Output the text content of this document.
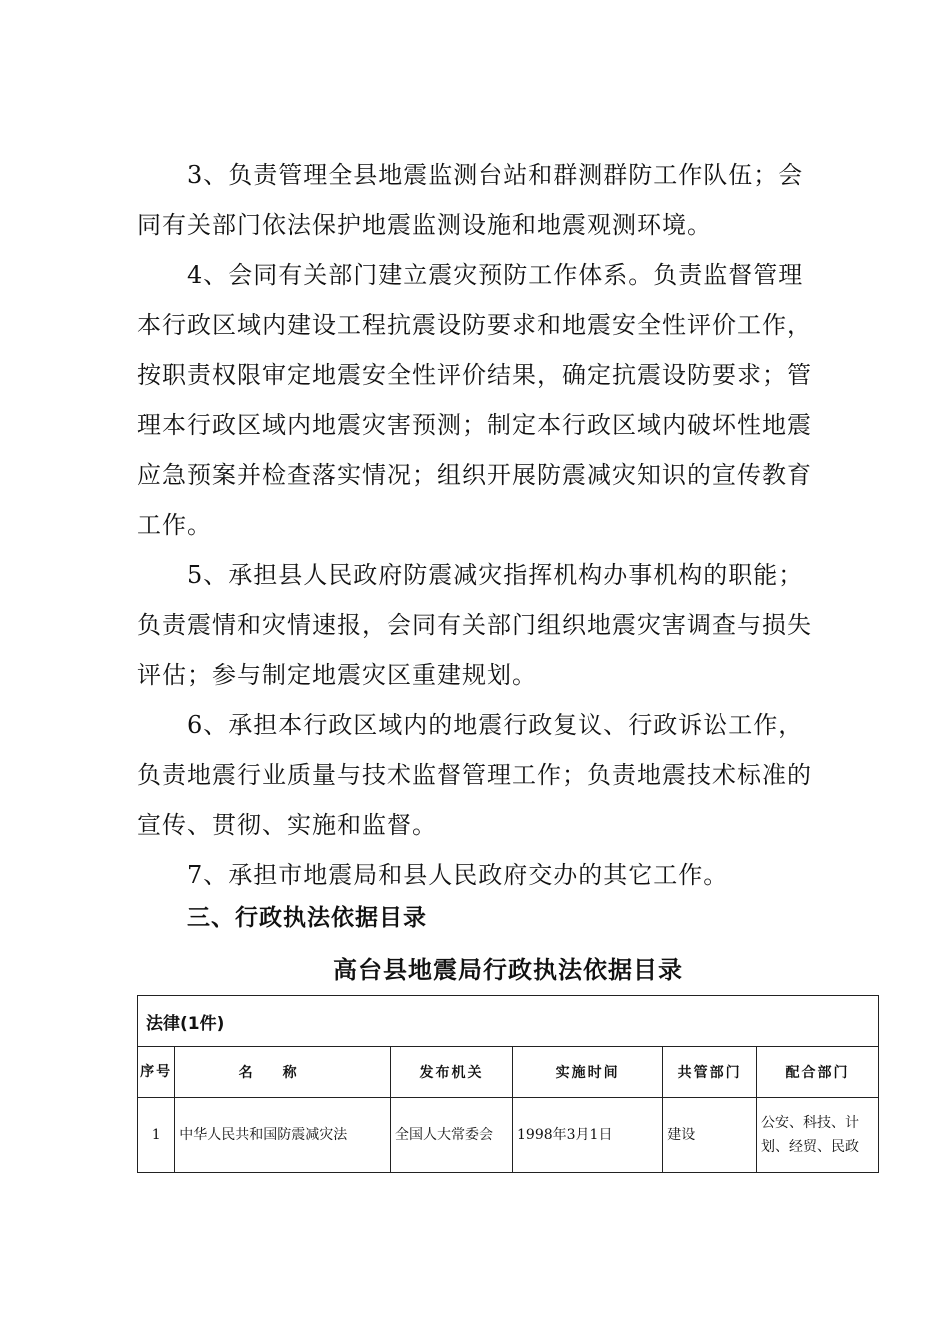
3、负责管理全县地震监测台站和群测群防工作队伍；会同有关部门依法保护地震监测设施和地震观测环境。

4、会同有关部门建立震灾预防工作体系。负责监督管理本行政区域内建设工程抗震设防要求和地震安全性评价工作，按职责权限审定地震安全性评价结果，确定抗震设防要求；管理本行政区域内地震灾害预测；制定本行政区域内破坏性地震应急预案并检查落实情况；组织开展防震减灾知识的宣传教育工作。

5、承担县人民政府防震减灾指挥机构办事机构的职能；负责震情和灾情速报，会同有关部门组织地震灾害调查与损失评估；参与制定地震灾区重建规划。

6、承担本行政区域内的地震行政复议、行政诉讼工作，负责地震行业质量与技术监督管理工作；负责地震技术标准的宣传、贯彻、实施和监督。

7、承担市地震局和县人民政府交办的其它工作。

三、行政执法依据目录

高台县地震局行政执法依据目录

法律(1件)					
序号	名称	发布机关	实施时间	共管部门	配合部门
1	中华人民共和国防震减灾法	全国人大常委会	1998年3月1日	建设	公安、科技、计划、经贸、民政
